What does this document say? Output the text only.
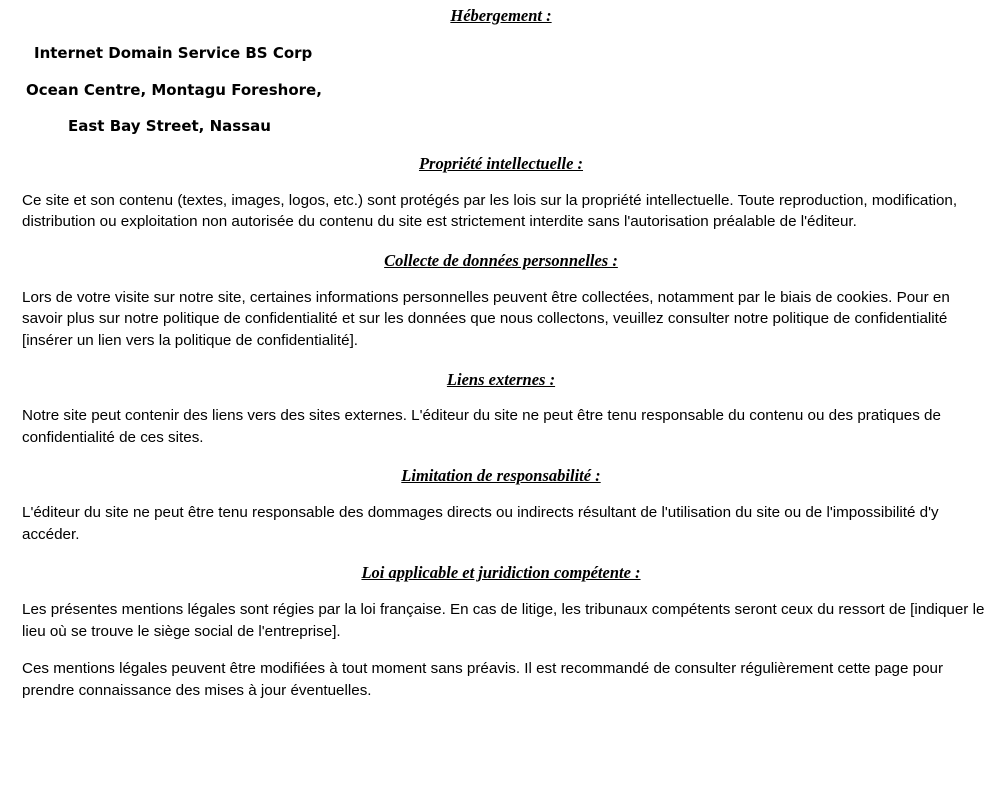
Hébergement :
Internet Domain Service BS Corp
Ocean Centre, Montagu Foreshore,
East Bay Street, Nassau
Propriété intellectuelle :
Ce site et son contenu (textes, images, logos, etc.) sont protégés par les lois sur la propriété intellectuelle. Toute reproduction, modification, distribution ou exploitation non autorisée du contenu du site est strictement interdite sans l'autorisation préalable de l'éditeur.
Collecte de données personnelles :
Lors de votre visite sur notre site, certaines informations personnelles peuvent être collectées, notamment par le biais de cookies. Pour en savoir plus sur notre politique de confidentialité et sur les données que nous collectons, veuillez consulter notre politique de confidentialité [insérer un lien vers la politique de confidentialité].
Liens externes :
Notre site peut contenir des liens vers des sites externes. L'éditeur du site ne peut être tenu responsable du contenu ou des pratiques de confidentialité de ces sites.
Limitation de responsabilité :
L'éditeur du site ne peut être tenu responsable des dommages directs ou indirects résultant de l'utilisation du site ou de l'impossibilité d'y accéder.
Loi applicable et juridiction compétente :
Les présentes mentions légales sont régies par la loi française. En cas de litige, les tribunaux compétents seront ceux du ressort de [indiquer le lieu où se trouve le siège social de l'entreprise].
Ces mentions légales peuvent être modifiées à tout moment sans préavis. Il est recommandé de consulter régulièrement cette page pour prendre connaissance des mises à jour éventuelles.
